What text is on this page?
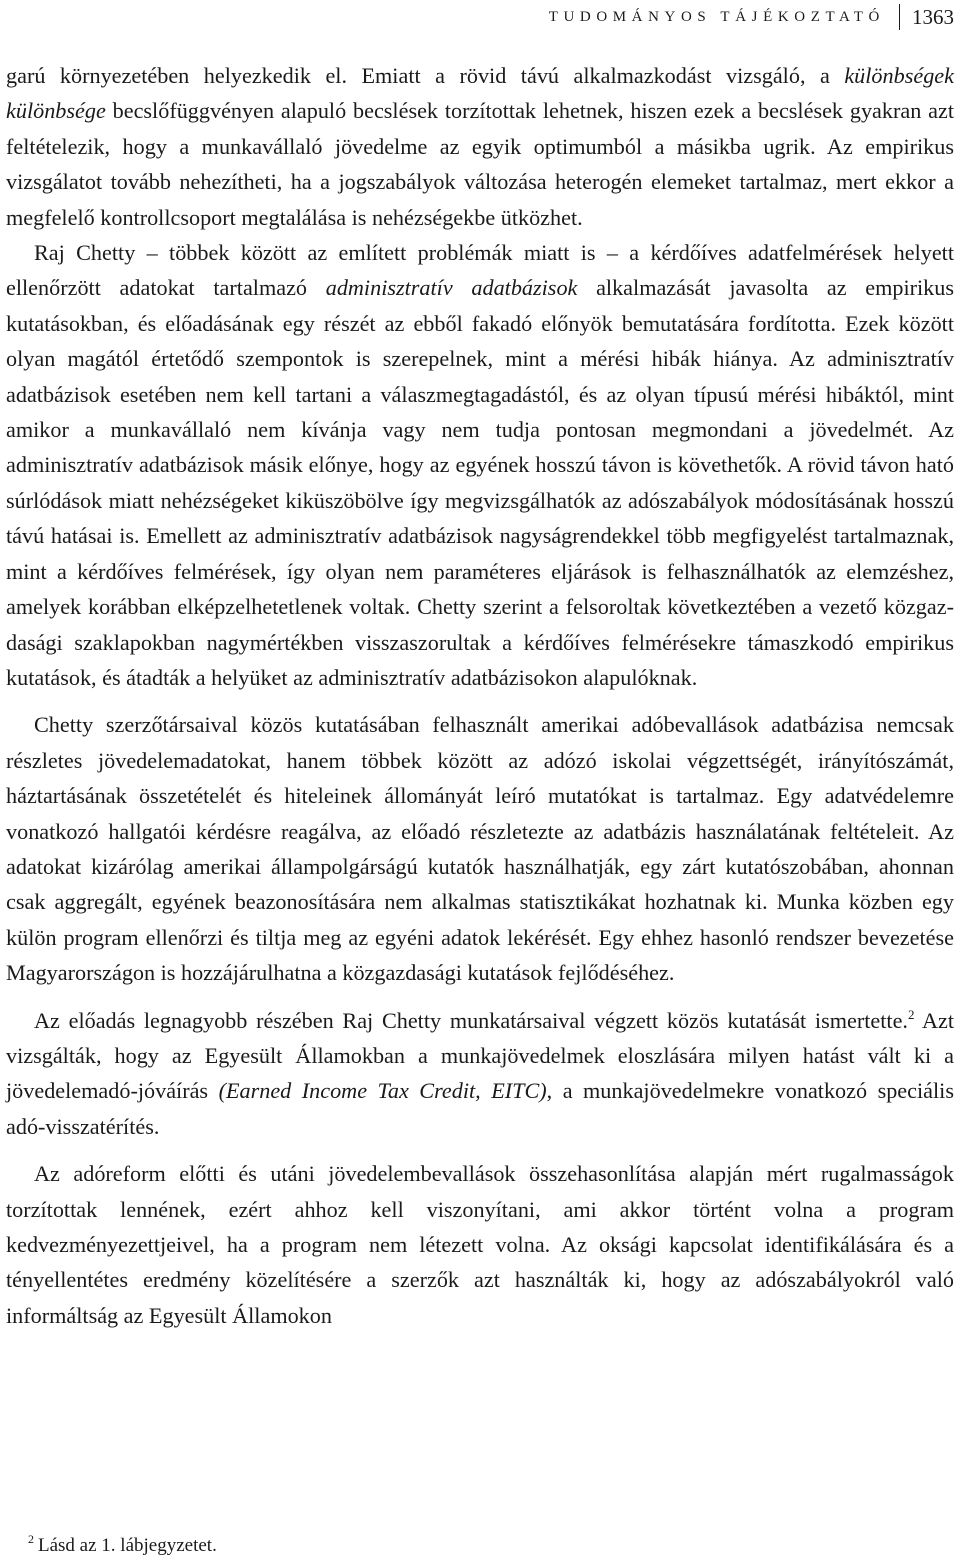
TUDOMÁNYOS TÁJÉKOZTATÓ	1363

garú környezetében helyezkedik el. Emiatt a rövid távú alkalmazkodást vizsgáló, a különbségek különbsége becslőfüggvényen alapuló becslések torzítottak lehetnek, hiszen ezek a becslések gyakran azt feltételezik, hogy a munkavállaló jövedelme az egyik optimumból a másikba ugrik. Az empirikus vizsgálatot tovább nehezítheti, ha a jogszabályok változása heterogén elemeket tartalmaz, mert ekkor a megfelelő kontrollcsoport megtalálása is nehézségekbe ütközhet.

Raj Chetty – többek között az említett problémák miatt is – a kérdőíves adatfelmérések helyett ellenőrzött adatokat tartalmazó adminisztratív adatbázisok alkalmazását javasolta az empirikus kutatásokban, és előadásának egy részét az ebből fakadó előnyök bemutatására fordította. Ezek között olyan magától értetődő szempontok is szerepelnek, mint a mérési hibák hiánya. Az adminisztratív adatbázisok esetében nem kell tartani a válaszmegtagadástól, és az olyan típusú mérési hibáktól, mint amikor a munkavállaló nem kívánja vagy nem tudja pontosan megmondani a jövedelmét. Az adminisztratív adatbázisok másik előnye, hogy az egyének hosszú távon is követhetők. A rövid távon ható súrlódások miatt nehézségeket kiküszöbölve így megvizsgálhatók az adószabályok módosításának hosszú távú hatásai is. Emellett az adminisztratív adatbázisok nagyságrendekkel több megfigyelést tartalmaznak, mint a kérdőíves felmérések, így olyan nem paraméteres eljárások is felhasználhatók az elemzéshez, amelyek korábban elképzelhetetlenek voltak. Chetty szerint a felsoroltak következtében a vezető közgazdasági szaklapokban nagymértékben visszaszorultak a kérdőíves felmérésekre támaszkodó empirikus kutatások, és átadták a helyüket az adminisztratív adatbázisokon alapulóknak.

Chetty szerzőtársaival közös kutatásában felhasznált amerikai adóbevallások adatbázisa nemcsak részletes jövedelemadatokat, hanem többek között az adózó iskolai végzettségét, irányítószámát, háztartásának összetételét és hiteleinek állományát leíró mutatókat is tartalmaz. Egy adatvédelemre vonatkozó hallgatói kérdésre reagálva, az előadó részletezte az adatbázis használatának feltételeit. Az adatokat kizárólag amerikai állampolgárságú kutatók használhatják, egy zárt kutatószobában, ahonnan csak aggregált, egyének beazonosítására nem alkalmas statisztikákat hozhatnak ki. Munka közben egy külön program ellenőrzi és tiltja meg az egyéni adatok lekérését. Egy ehhez hasonló rendszer bevezetése Magyarországon is hozzájárulhatna a közgazdasági kutatások fejlődéséhez.

Az előadás legnagyobb részében Raj Chetty munkatársaival végzett közös kutatását ismertette.$^2$ Azt vizsgálták, hogy az Egyesült Államokban a munkajövedelmek eloszlására milyen hatást vált ki a jövedelemadó-jóváírás (Earned Income Tax Credit, EITC), a munkajövedelmekre vonatkozó speciális adó-visszatérítés.

Az adóreform előtti és utáni jövedelembevallások összehasonlítása alapján mért rugalmasságok torzítottak lennének, ezért ahhoz kell viszonyítani, ami akkor történt volna a program kedvezményezettjeivel, ha a program nem létezett volna. Az oksági kapcsolat identifikálására és a tényellentétes eredmény közelítésére a szerzők azt használták ki, hogy az adószabályokról való informáltság az Egyesült Államokon

$^2$ Lásd az 1. lábjegyzetet.
